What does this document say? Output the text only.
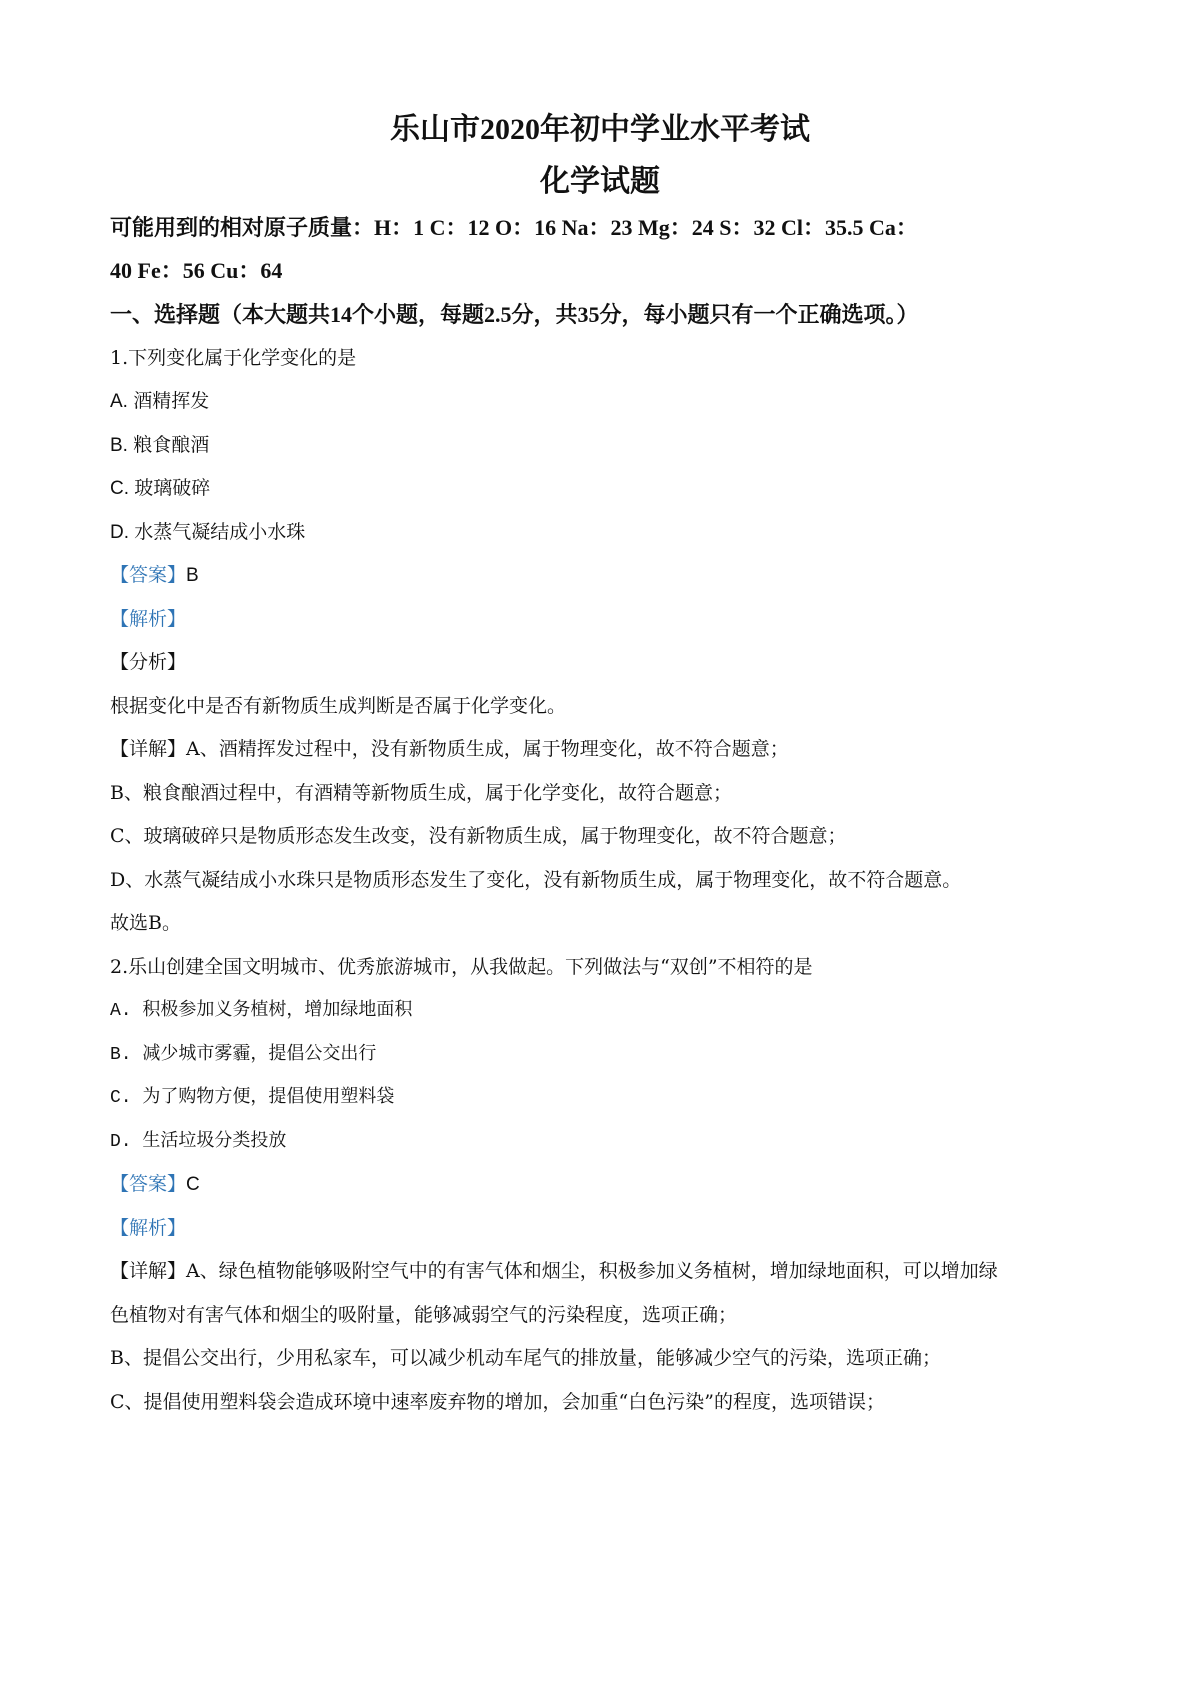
乐山市2020年初中学业水平考试
化学试题
可能用到的相对原子质量：H：1 C：12 O：16 Na：23 Mg：24 S：32 Cl：35.5 Ca：
40 Fe：56 Cu：64
一、选择题（本大题共14个小题，每题2.5分，共35分，每小题只有一个正确选项。）
1.下列变化属于化学变化的是
A. 酒精挥发
B. 粮食酿酒
C. 玻璃破碎
D. 水蒸气凝结成小水珠
【答案】B
【解析】
【分析】
根据变化中是否有新物质生成判断是否属于化学变化。
【详解】A、酒精挥发过程中，没有新物质生成，属于物理变化，故不符合题意；
B、粮食酿酒过程中，有酒精等新物质生成，属于化学变化，故符合题意；
C、玻璃破碎只是物质形态发生改变，没有新物质生成，属于物理变化，故不符合题意；
D、水蒸气凝结成小水珠只是物质形态发生了变化，没有新物质生成，属于物理变化，故不符合题意。
故选B。
2.乐山创建全国文明城市、优秀旅游城市，从我做起。下列做法与“双创”不相符的是
A. 积极参加义务植树，增加绿地面积
B. 减少城市雾霾，提倡公交出行
C. 为了购物方便，提倡使用塑料袋
D. 生活垃圾分类投放
【答案】C
【解析】
【详解】A、绿色植物能够吸附空气中的有害气体和烟尘，积极参加义务植树，增加绿地面积，可以增加绿
色植物对有害气体和烟尘的吸附量，能够减弱空气的污染程度，选项正确；
B、提倡公交出行，少用私家车，可以减少机动车尾气的排放量，能够减少空气的污染，选项正确；
C、提倡使用塑料袋会造成环境中速率废弃物的增加，会加重“白色污染”的程度，选项错误；
